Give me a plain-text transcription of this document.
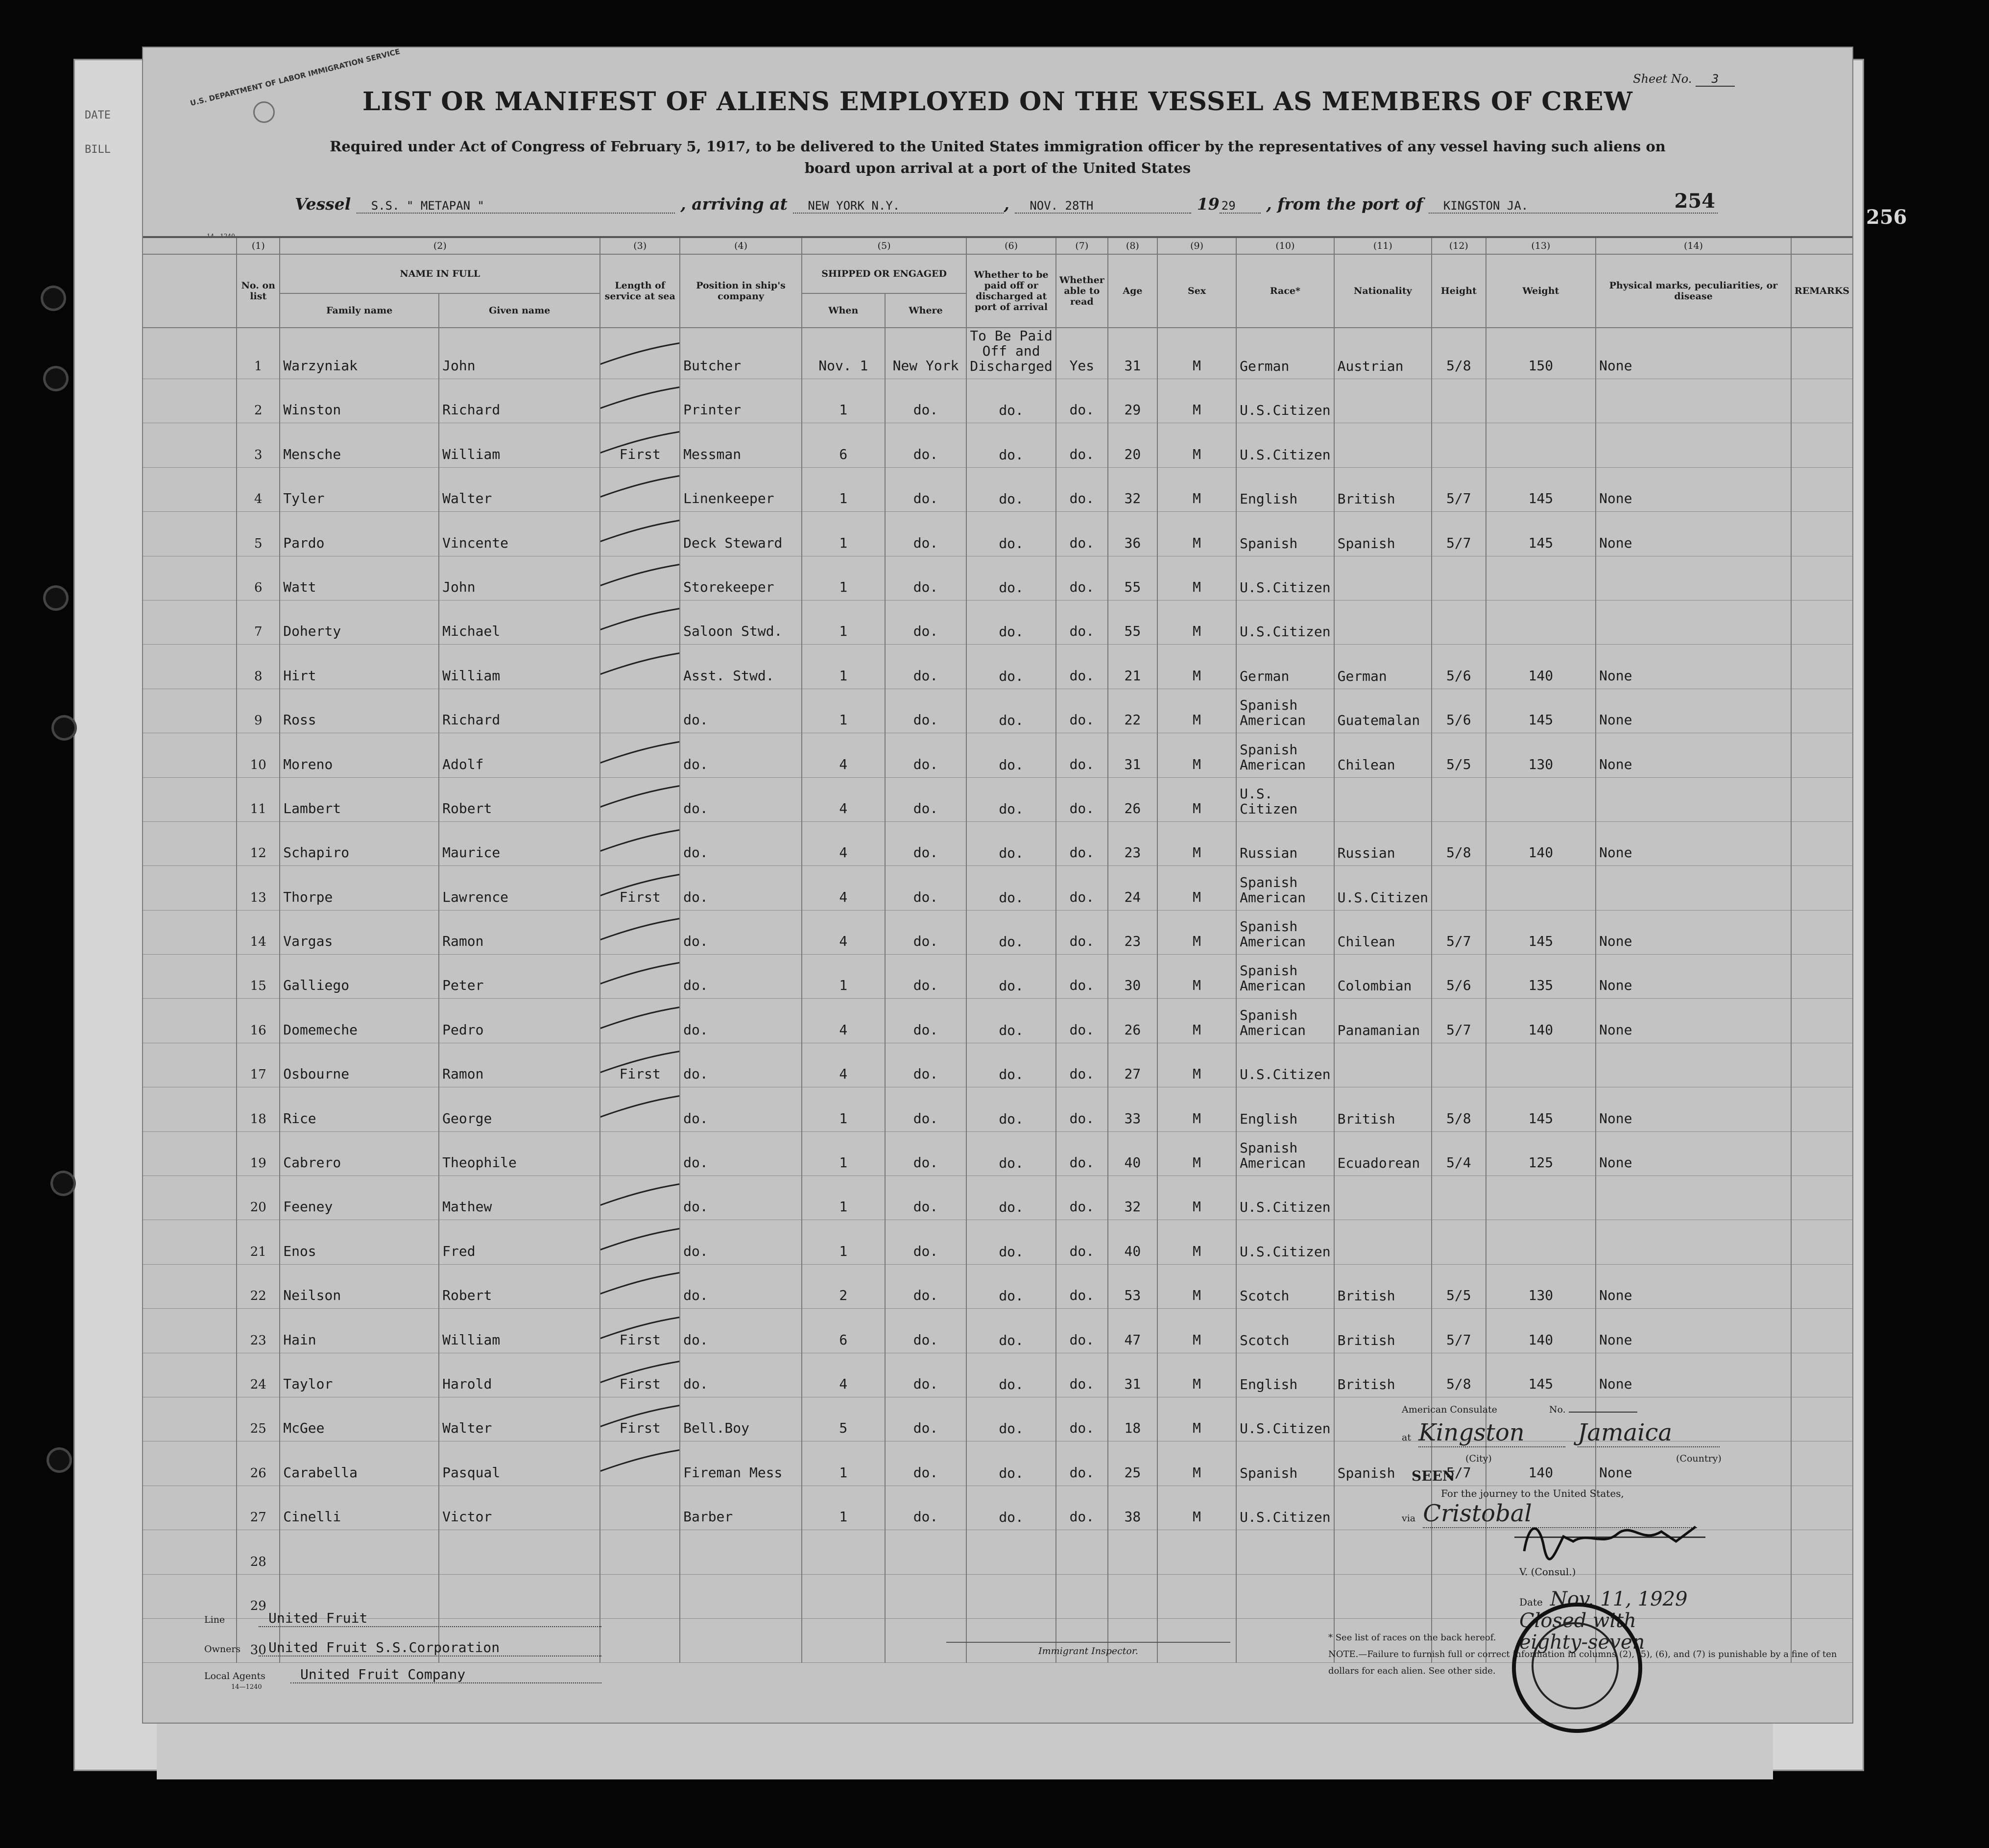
DATE
BILL
256
U.S. DEPARTMENT OF LABOR IMMIGRATION SERVICE	Sheet No. 3
LIST OR MANIFEST OF ALIENS EMPLOYED ON THE VESSEL AS MEMBERS OF CREW
Required under Act of Congress of February 5, 1917, to be delivered to the United States immigration officer by the representatives of any vessel having such aliens on board upon arrival at a port of the United States
Vessel S.S. " METAPAN "	, arriving at NEW YORK N.Y.	, NOV. 28TH	19 29 , from the port of KINGSTON JA.	254
14—1240
	(1)	(2)		(3)	(4)	(5)		(6)	(7)	(8)	(9)	(10)	(11)	(12)	(13)	(14)	
	No. on list	NAME IN FULL		Length of service at sea	Position in ship's company	SHIPPED OR ENGAGED		Whether to be paid off or discharged at port of arrival	Whether able to read	Age	Sex	Race*	Nationality	Height	Weight	Physical marks, peculiarities, or disease	REMARKS
		Family name	Given name			When	Where										
	1	Warzyniak	John		Butcher	Nov. 1	New York	To Be Paid Off and Discharged	Yes	31	M	German	Austrian	5/8	150	None	
	2	Winston	Richard		Printer	1	do.	do.	do.	29	M	U.S.Citizen					
	3	Mensche	William	First	Messman	6	do.	do.	do.	20	M	U.S.Citizen					
	4	Tyler	Walter		Linenkeeper	1	do.	do.	do.	32	M	English	British	5/7	145	None	
	5	Pardo	Vincente		Deck Steward	1	do.	do.	do.	36	M	Spanish	Spanish	5/7	145	None	
	6	Watt	John		Storekeeper	1	do.	do.	do.	55	M	U.S.Citizen					
	7	Doherty	Michael		Saloon Stwd.	1	do.	do.	do.	55	M	U.S.Citizen					
	8	Hirt	William		Asst. Stwd.	1	do.	do.	do.	21	M	German	German	5/6	140	None	
	9	Ross	Richard		do.	1	do.	do.	do.	22	M	Spanish American	Guatemalan	5/6	145	None	
	10	Moreno	Adolf		do.	4	do.	do.	do.	31	M	Spanish American	Chilean	5/5	130	None	
	11	Lambert	Robert		do.	4	do.	do.	do.	26	M	U.S. Citizen					
	12	Schapiro	Maurice		do.	4	do.	do.	do.	23	M	Russian	Russian	5/8	140	None	
	13	Thorpe	Lawrence	First	do.	4	do.	do.	do.	24	M	Spanish American	U.S.Citizen				
	14	Vargas	Ramon		do.	4	do.	do.	do.	23	M	Spanish American	Chilean	5/7	145	None	
	15	Galliego	Peter		do.	1	do.	do.	do.	30	M	Spanish American	Colombian	5/6	135	None	
	16	Domemeche	Pedro		do.	4	do.	do.	do.	26	M	Spanish American	Panamanian	5/7	140	None	
	17	Osbourne	Ramon	First	do.	4	do.	do.	do.	27	M	U.S.Citizen					
	18	Rice	George		do.	1	do.	do.	do.	33	M	English	British	5/8	145	None	
	19	Cabrero	Theophile		do.	1	do.	do.	do.	40	M	Spanish American	Ecuadorean	5/4	125	None	
	20	Feeney	Mathew		do.	1	do.	do.	do.	32	M	U.S.Citizen					
	21	Enos	Fred		do.	1	do.	do.	do.	40	M	U.S.Citizen					
	22	Neilson	Robert		do.	2	do.	do.	do.	53	M	Scotch	British	5/5	130	None	
	23	Hain	William	First	do.	6	do.	do.	do.	47	M	Scotch	British	5/7	140	None	
	24	Taylor	Harold	First	do.	4	do.	do.	do.	31	M	English	British	5/8	145	None	
	25	McGee	Walter	First	Bell.Boy	5	do.	do.	do.	18	M	U.S.Citizen					
	26	Carabella	Pasqual		Fireman Mess	1	do.	do.	do.	25	M	Spanish	Spanish	5/7	140	None	
	27	Cinelli	Victor		Barber	1	do.	do.	do.	38	M	U.S.Citizen					
	28																
	29																
	30																
American Consulate	No.
at Kingston Jamaica
(City)	(Country)
SEEN
For the journey to the United States,
via Cristobal
V. (Consul.)
Date Nov. 11, 1929
Closed with eighty-seven
* See list of races on the back hereof.
NOTE.—Failure to furnish full or correct information in columns (2), (5), (6), and (7) is punishable by a fine of ten dollars for each alien. See other side.
Line	United Fruit
Owners United Fruit S.S.Corporation
Local Agents	United Fruit Company
14—1240
Immigrant Inspector.
